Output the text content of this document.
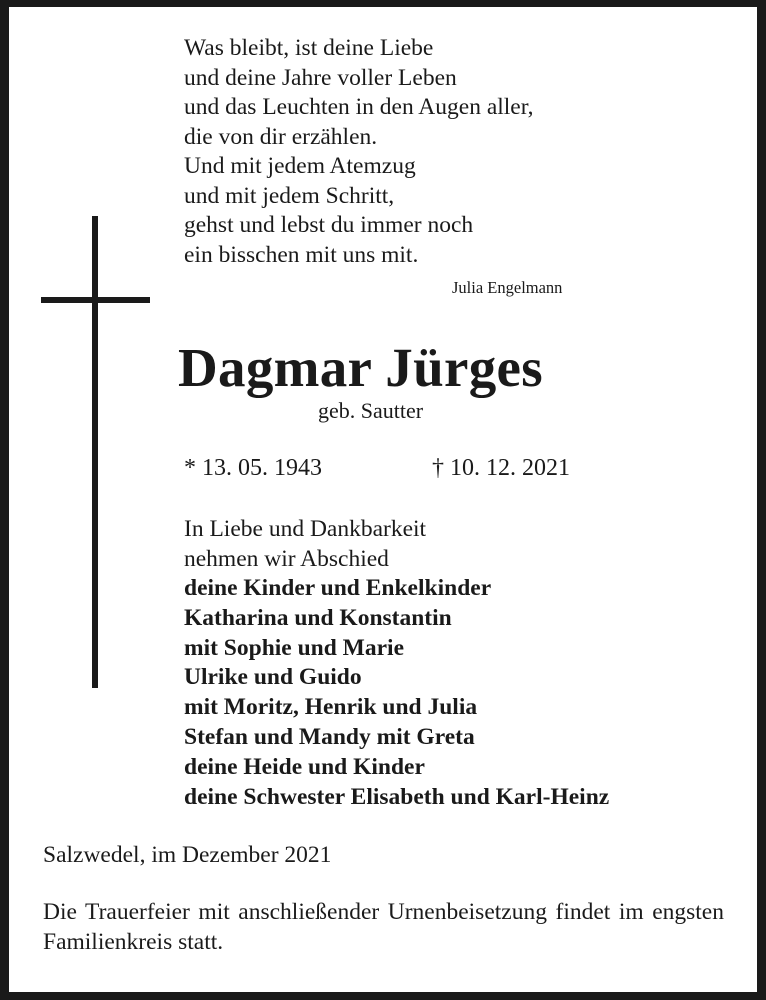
Was bleibt, ist deine Liebe
und deine Jahre voller Leben
und das Leuchten in den Augen aller,
die von dir erzählen.
Und mit jedem Atemzug
und mit jedem Schritt,
gehst und lebst du immer noch
ein bisschen mit uns mit.
Julia Engelmann
Dagmar Jürges
geb. Sautter
* 13. 05. 1943	† 10. 12. 2021
In Liebe und Dankbarkeit
nehmen wir Abschied
deine Kinder und Enkelkinder
Katharina und Konstantin
mit Sophie und Marie
Ulrike und Guido
mit Moritz, Henrik und Julia
Stefan und Mandy mit Greta
deine Heide und Kinder
deine Schwester Elisabeth und Karl-Heinz
Salzwedel, im Dezember 2021
Die Trauerfeier mit anschließender Urnenbeisetzung findet im engsten Familienkreis statt.
